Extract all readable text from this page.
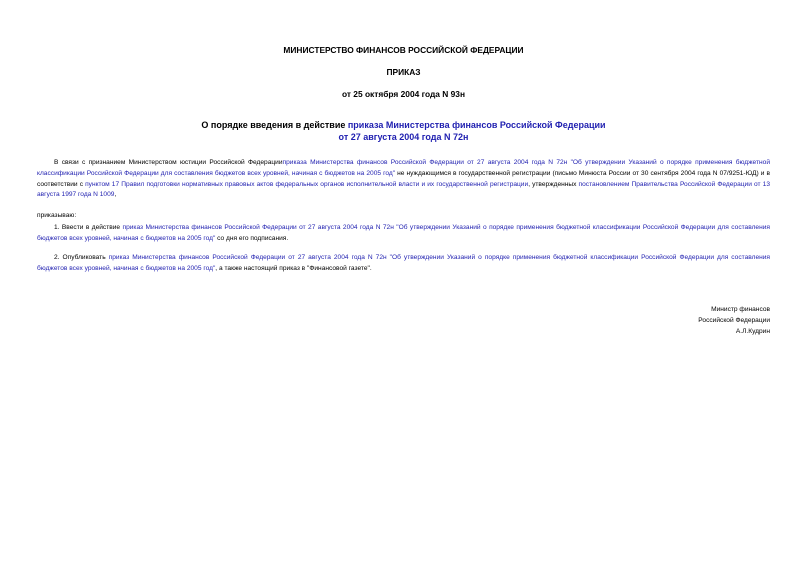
МИНИСТЕРСТВО ФИНАНСОВ РОССИЙСКОЙ ФЕДЕРАЦИИ
ПРИКАЗ
от 25 октября 2004 года N 93н
О порядке введения в действие приказа Министерства финансов Российской Федерации
от 27 августа 2004 года N 72н
В связи с признанием Министерством юстиции Российской Федерацииприказа Министерства финансов Российской Федерации от 27 августа 2004 года N 72н "Об утверждении Указаний о порядке применения бюджетной классификации Российской Федерации для составления бюджетов всех уровней, начиная с бюджетов на 2005 год" не нуждающимся в государственной регистрации (письмо Минюста России от 30 сентября 2004 года N 07/9251-ЮД) и в соответствии с пунктом 17 Правил подготовки нормативных правовых актов федеральных органов исполнительной власти и их государственной регистрации, утвержденных постановлением Правительства Российской Федерации от 13 августа 1997 года N 1009,
приказываю:
1. Ввести в действие приказ Министерства финансов Российской Федерации от 27 августа 2004 года N 72н "Об утверждении Указаний о порядке применения бюджетной классификации Российской Федерации для составления бюджетов всех уровней, начиная с бюджетов на 2005 год" со дня его подписания.
2. Опубликовать приказ Министерства финансов Российской Федерации от 27 августа 2004 года N 72н "Об утверждении Указаний о порядке применения бюджетной классификации Российской Федерации для составления бюджетов всех уровней, начиная с бюджетов на 2005 год", а также настоящий приказ в "Финансовой газете".
Министр финансов
Российской Федерации
А.Л.Кудрин
